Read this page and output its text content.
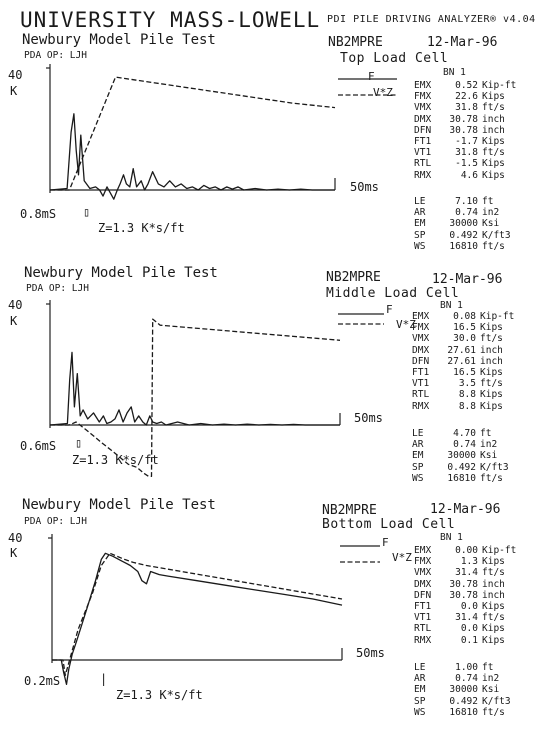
UNIVERSITY MASS-LOWELL PDI PILE DRIVING ANALYZER® v4.04
Newbury Model Pile Test
PDA OP: LJH
NB2MPRE	12-Mar-96
Top Load Cell
BN 1
40
K
0.8mS ▯
Z=1.3 K*s/ft
50ms
F
V*Z
EMX	0.52 Kip-ft
FMX	22.6 Kips
VMX	31.8 ft/s
DMX	30.78 inch
DFN	30.78 inch
FT1	-1.7 Kips
VT1	31.8 ft/s
RTL	-1.5 Kips
RMX	4.6 Kips
LE	7.10 ft
AR	0.74 in2
EM	30000 Ksi
SP	0.492 K/ft3
WS	16810 ft/s
Newbury Model Pile Test
PDA OP: LJH
NB2MPRE	12-Mar-96
Middle Load Cell
BN 1
40
K
0.6mS ▯
Z=1.3 K*s/ft
50ms
F
V*Z
EMX	0.08 Kip-ft
FMX	16.5 Kips
VMX	30.0 ft/s
DMX	27.61 inch
DFN	27.61 inch
FT1	16.5 Kips
VT1	3.5 ft/s
RTL	8.8 Kips
RMX	8.8 Kips
LE	4.70 ft
AR	0.74 in2
EM	30000 Ksi
SP	0.492 K/ft3
WS	16810 ft/s
Newbury Model Pile Test
PDA OP: LJH
NB2MPRE	12-Mar-96
Bottom Load Cell
BN 1
40
K
0.2mS	|
Z=1.3 K*s/ft
50ms
F
V*Z
EMX	0.00 Kip-ft
FMX	1.3 Kips
VMX	31.4 ft/s
DMX	30.78 inch
DFN	30.78 inch
FT1	0.0 Kips
VT1	31.4 ft/s
RTL	0.0 Kips
RMX	0.1 Kips
LE	1.00 ft
AR	0.74 in2
EM	30000 Ksi
SP	0.492 K/ft3
WS	16810 ft/s
